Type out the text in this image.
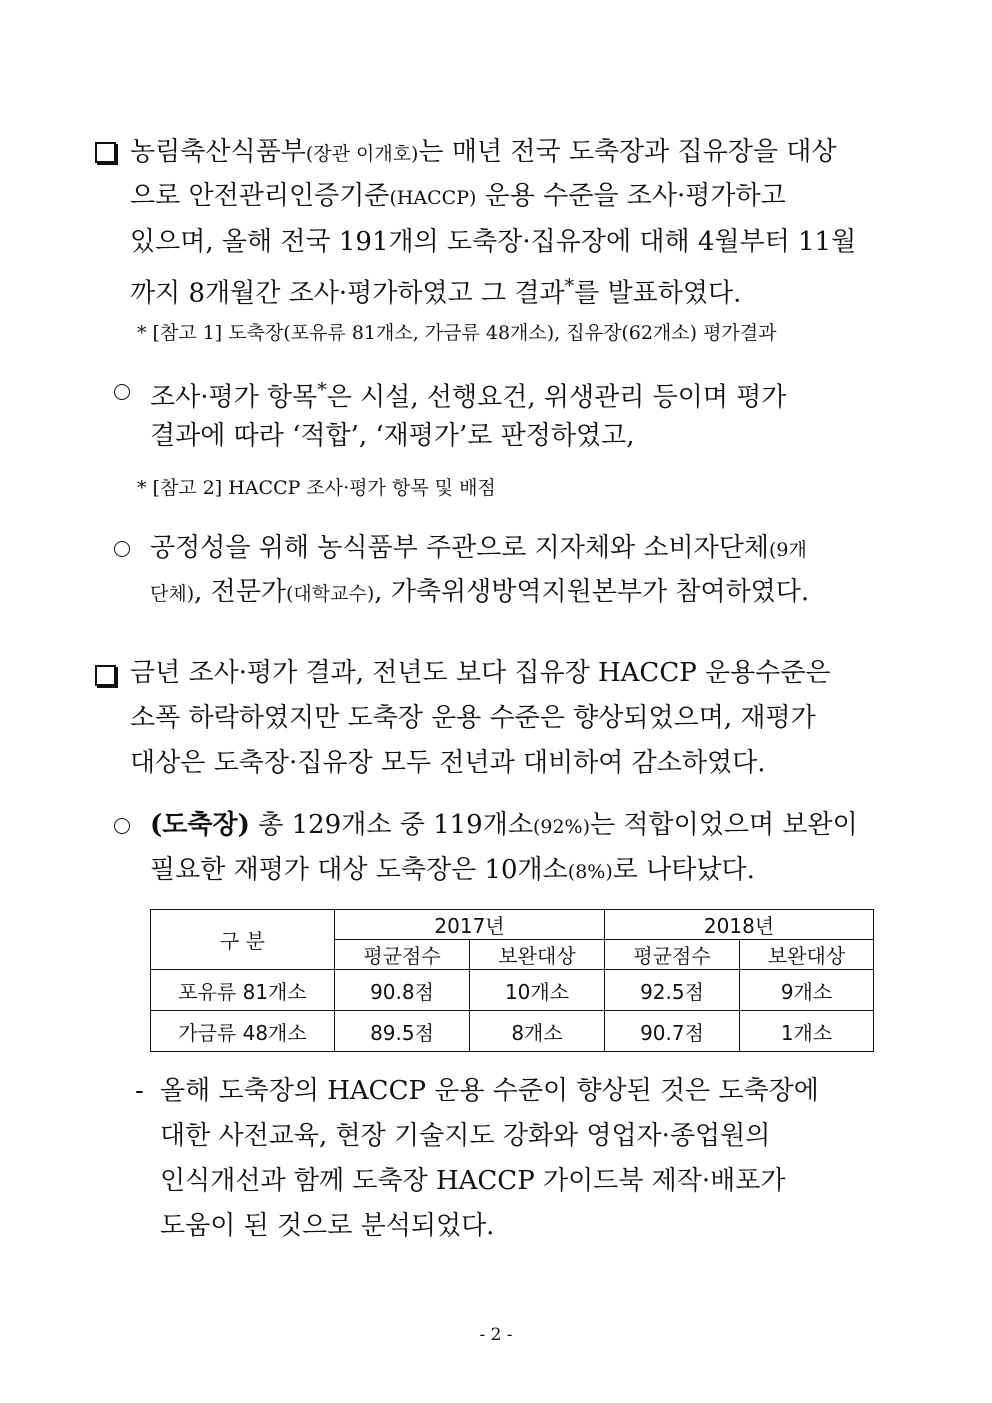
농림축산식품부(장관 이개호)는 매년 전국 도축장과 집유장을 대상
으로 안전관리인증기준(HACCP) 운용 수준을 조사·평가하고
있으며, 올해 전국 191개의 도축장·집유장에 대해 4월부터 11월
까지 8개월간 조사·평가하였고 그 결과*를 발표하였다.
* [참고 1] 도축장(포유류 81개소, 가금류 48개소), 집유장(62개소) 평가결과
조사·평가 항목*은 시설, 선행요건, 위생관리 등이며 평가
결과에 따라 ‘적합’, ‘재평가’로 판정하였고,
* [참고 2] HACCP 조사·평가 항목 및 배점
공정성을 위해 농식품부 주관으로 지자체와 소비자단체(9개
단체), 전문가(대학교수), 가축위생방역지원본부가 참여하였다.
금년 조사·평가 결과, 전년도 보다 집유장 HACCP 운용수준은
소폭 하락하였지만 도축장 운용 수준은 향상되었으며, 재평가
대상은 도축장·집유장 모두 전년과 대비하여 감소하였다.
(도축장) 총 129개소 중 119개소(92%)는 적합이었으며 보완이
필요한 재평가 대상 도축장은 10개소(8%)로 나타났다.
구 분	2017년		2018년	
	평균점수	보완대상	평균점수	보완대상
포유류 81개소	90.8점	10개소	92.5점	9개소
가금류 48개소	89.5점	8개소	90.7점	1개소
- 올해 도축장의 HACCP 운용 수준이 향상된 것은 도축장에
대한 사전교육, 현장 기술지도 강화와 영업자·종업원의
인식개선과 함께 도축장 HACCP 가이드북 제작·배포가
도움이 된 것으로 분석되었다.
- 2 -
